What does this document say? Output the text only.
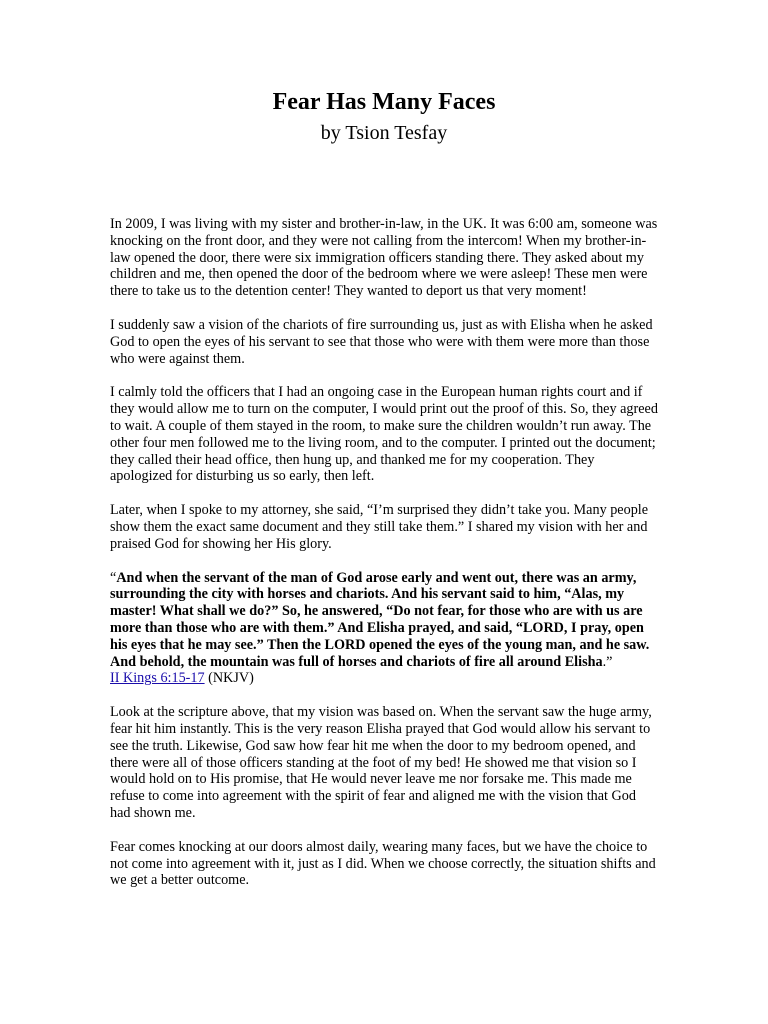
Fear Has Many Faces
by Tsion Tesfay

In 2009, I was living with my sister and brother-in-law, in the UK. It was 6:00 am, someone was knocking on the front door, and they were not calling from the intercom! When my brother-in-law opened the door, there were six immigration officers standing there. They asked about my children and me, then opened the door of the bedroom where we were asleep! These men were there to take us to the detention center! They wanted to deport us that very moment!

I suddenly saw a vision of the chariots of fire surrounding us, just as with Elisha when he asked God to open the eyes of his servant to see that those who were with them were more than those who were against them.

I calmly told the officers that I had an ongoing case in the European human rights court and if they would allow me to turn on the computer, I would print out the proof of this. So, they agreed to wait. A couple of them stayed in the room, to make sure the children wouldn’t run away. The other four men followed me to the living room, and to the computer. I printed out the document; they called their head office, then hung up, and thanked me for my cooperation. They apologized for disturbing us so early, then left.

Later, when I spoke to my attorney, she said, “I’m surprised they didn’t take you. Many people show them the exact same document and they still take them.” I shared my vision with her and praised God for showing her His glory.

“And when the servant of the man of God arose early and went out, there was an army, surrounding the city with horses and chariots. And his servant said to him, “Alas, my master! What shall we do?” So, he answered, “Do not fear, for those who are with us are more than those who are with them.” And Elisha prayed, and said, “LORD, I pray, open his eyes that he may see.” Then the LORD opened the eyes of the young man, and he saw. And behold, the mountain was full of horses and chariots of fire all around Elisha.”
II Kings 6:15-17 (NKJV)

Look at the scripture above, that my vision was based on. When the servant saw the huge army, fear hit him instantly. This is the very reason Elisha prayed that God would allow his servant to see the truth. Likewise, God saw how fear hit me when the door to my bedroom opened, and there were all of those officers standing at the foot of my bed! He showed me that vision so I would hold on to His promise, that He would never leave me nor forsake me. This made me refuse to come into agreement with the spirit of fear and aligned me with the vision that God had shown me.

Fear comes knocking at our doors almost daily, wearing many faces, but we have the choice to not come into agreement with it, just as I did. When we choose correctly, the situation shifts and we get a better outcome.
